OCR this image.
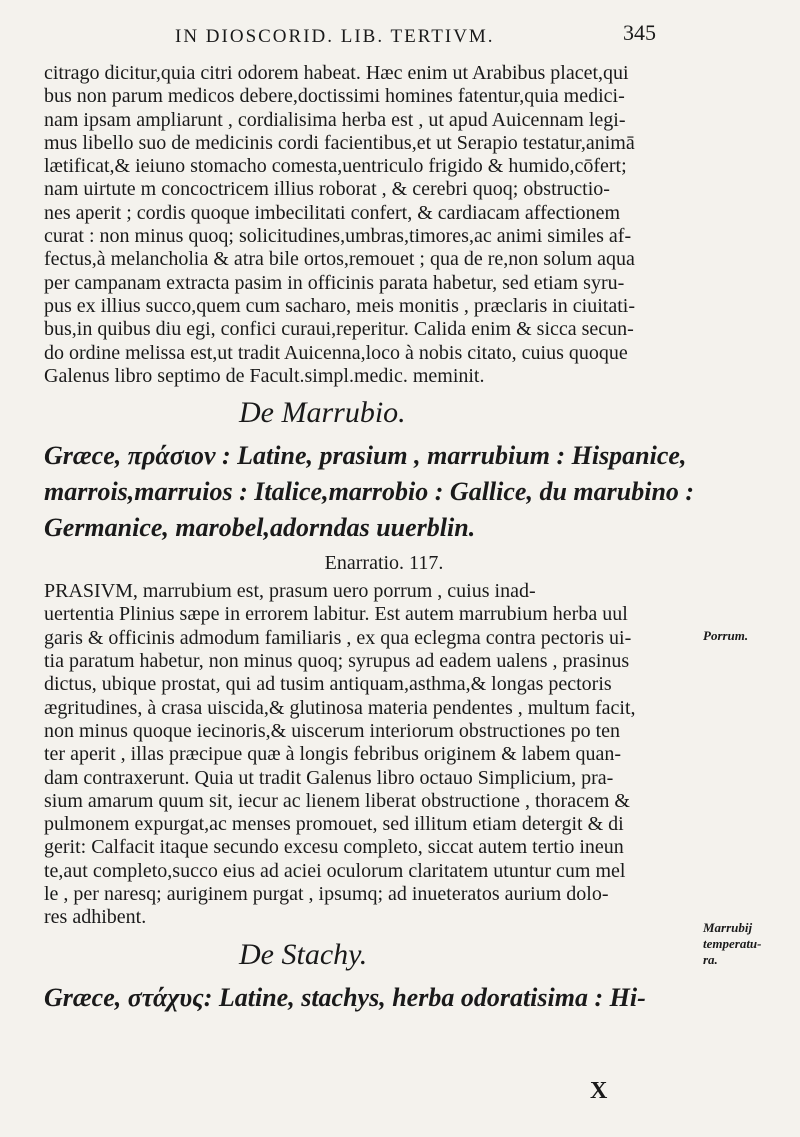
IN DIOSCORID. LIB. TERTIVM.	345
citrago dicitur,quia citri odorem habeat. Hæc enim ut Arabibus placet,qui
bus non parum medicos debere,doctissimi homines fatentur,quia medici-
nam ipsam ampliarunt , cordialisima herba est , ut apud Auicennam legi-
mus libello suo de medicinis cordi facientibus,et ut Serapio testatur,animā
lætificat,& ieiuno stomacho comesta,uentriculo frigido & humido,cōfert;
nam uirtute m concoctricem illius roborat , & cerebri quoq; obstructio-
nes aperit ; cordis quoque imbecilitati confert, & cardiacam affectionem
curat : non minus quoq; solicitudines,umbras,timores,ac animi similes af-
fectus,à melancholia & atra bile ortos,remouet ; qua de re,non solum aqua
per campanam extracta pasim in officinis parata habetur, sed etiam syru-
pus ex illius succo,quem cum sacharo, meis monitis , præclaris in ciuitati-
bus,in quibus diu egi, confici curaui,reperitur. Calida enim & sicca secun-
do ordine melissa est,ut tradit Auicenna,loco à nobis citato, cuius quoque
Galenus libro septimo de Facult.simpl.medic. meminit.
De Marrubio.
Græce, πράσιον : Latine, prasium , marrubium : Hispanice,
marrois,marruios : Italice,marrobio : Gallice, du marubino :
Germanice, marobel,adorndas uuerblin.
Enarratio. 117.
PRASIVM, marrubium est, prasum uero porrum , cuius inad-
uertentia Plinius sæpe in errorem labitur. Est autem marrubium herba uul
garis & officinis admodum familiaris , ex qua eclegma contra pectoris ui-
tia paratum habetur, non minus quoq; syrupus ad eadem ualens , prasinus
dictus, ubique prostat, qui ad tusim antiquam,asthma,& longas pectoris
ægritudines, à crasa uiscida,& glutinosa materia pendentes , multum facit,
non minus quoque iecinoris,& uiscerum interiorum obstructiones po ten
ter aperit , illas præcipue quæ à longis febribus originem & labem quan-
dam contraxerunt. Quia ut tradit Galenus libro octauo Simplicium, pra-
sium amarum quum sit, iecur ac lienem liberat obstructione , thoracem &
pulmonem expurgat,ac menses promouet, sed illitum etiam detergit & di
gerit: Calfacit itaque secundo excesu completo, siccat autem tertio ineun
te,aut completo,succo eius ad aciei oculorum claritatem utuntur cum mel
le , per naresq; auriginem purgat , ipsumq; ad inueteratos aurium dolo-
res adhibent.
De Stachy.
Græce, στάχυς: Latine, stachys, herba odoratisima : Hi-
Porrum.
Marrubij
temperatu-
ra.
X
